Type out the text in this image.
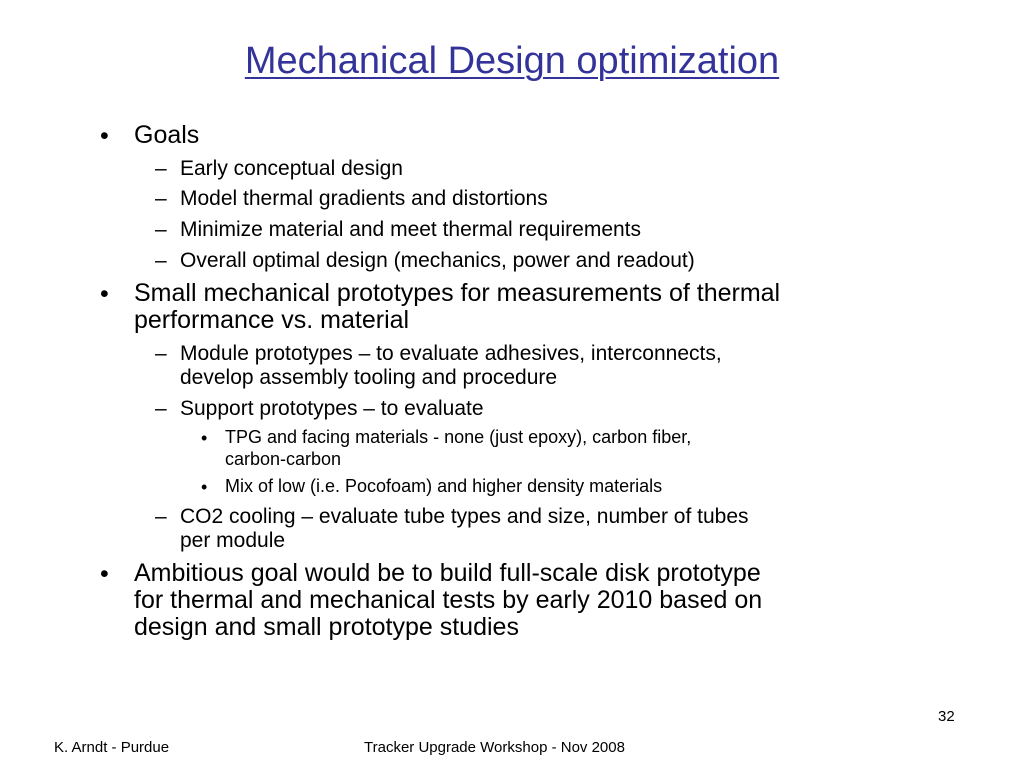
Mechanical Design optimization
• Goals
– Early conceptual design
– Model thermal gradients and distortions
– Minimize material and meet thermal requirements
– Overall optimal design (mechanics, power and readout)
• Small mechanical prototypes for measurements of thermal
performance vs. material
– Module prototypes – to evaluate adhesives, interconnects,
develop assembly tooling and procedure
– Support prototypes – to evaluate
• TPG and facing materials - none (just epoxy), carbon fiber,
carbon-carbon
• Mix of low (i.e. Pocofoam) and higher density materials
– CO2 cooling – evaluate tube types and size, number of tubes
per module
• Ambitious goal would be to build full-scale disk prototype
for thermal and mechanical tests by early 2010 based on
design and small prototype studies
32
K. Arndt - Purdue	Tracker Upgrade Workshop - Nov 2008
